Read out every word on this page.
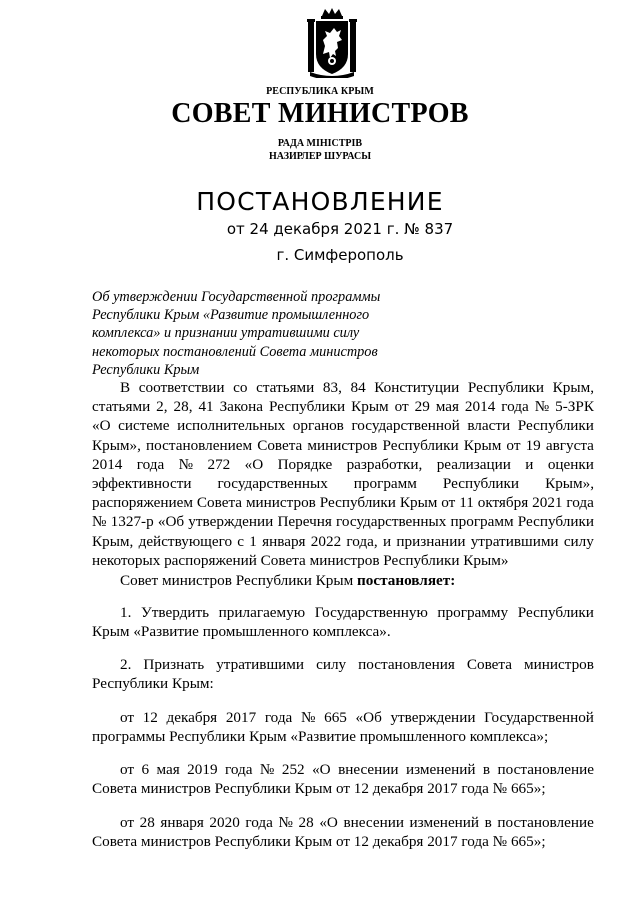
РЕСПУБЛИКА КРЫМ
СОВЕТ МИНИСТРОВ
РАДА МІНІСТРІВ
НАЗИРЛЕР ШУРАСЫ
ПОСТАНОВЛЕНИЕ
от 24 декабря 2021 г. № 837
г. Симферополь
Об утверждении Государственной программы
Республики Крым «Развитие промышленного
комплекса» и признании утратившими силу
некоторых постановлений Совета министров
Республики Крым
В соответствии со статьями 83, 84 Конституции Республики Крым,
статьями 2, 28, 41 Закона Республики Крым от 29 мая 2014 года № 5-ЗРК
«О системе исполнительных органов государственной власти Республики
Крым», постановлением Совета министров Республики Крым от 19 августа
2014 года № 272 «О Порядке разработки, реализации и оценки
эффективности государственных программ Республики Крым»,
распоряжением Совета министров Республики Крым от 11 октября 2021 года
№ 1327-р «Об утверждении Перечня государственных программ Республики
Крым, действующего с 1 января 2022 года, и признании утратившими силу
некоторых распоряжений Совета министров Республики Крым»
Совет министров Республики Крым постановляет:
1. Утвердить прилагаемую Государственную программу Республики
Крым «Развитие промышленного комплекса».
2. Признать утратившими силу постановления Совета министров
Республики Крым:
от 12 декабря 2017 года № 665 «Об утверждении Государственной
программы Республики Крым «Развитие промышленного комплекса»;
от 6 мая 2019 года № 252 «О внесении изменений в постановление
Совета министров Республики Крым от 12 декабря 2017 года № 665»;
от 28 января 2020 года № 28 «О внесении изменений в постановление
Совета министров Республики Крым от 12 декабря 2017 года № 665»;
